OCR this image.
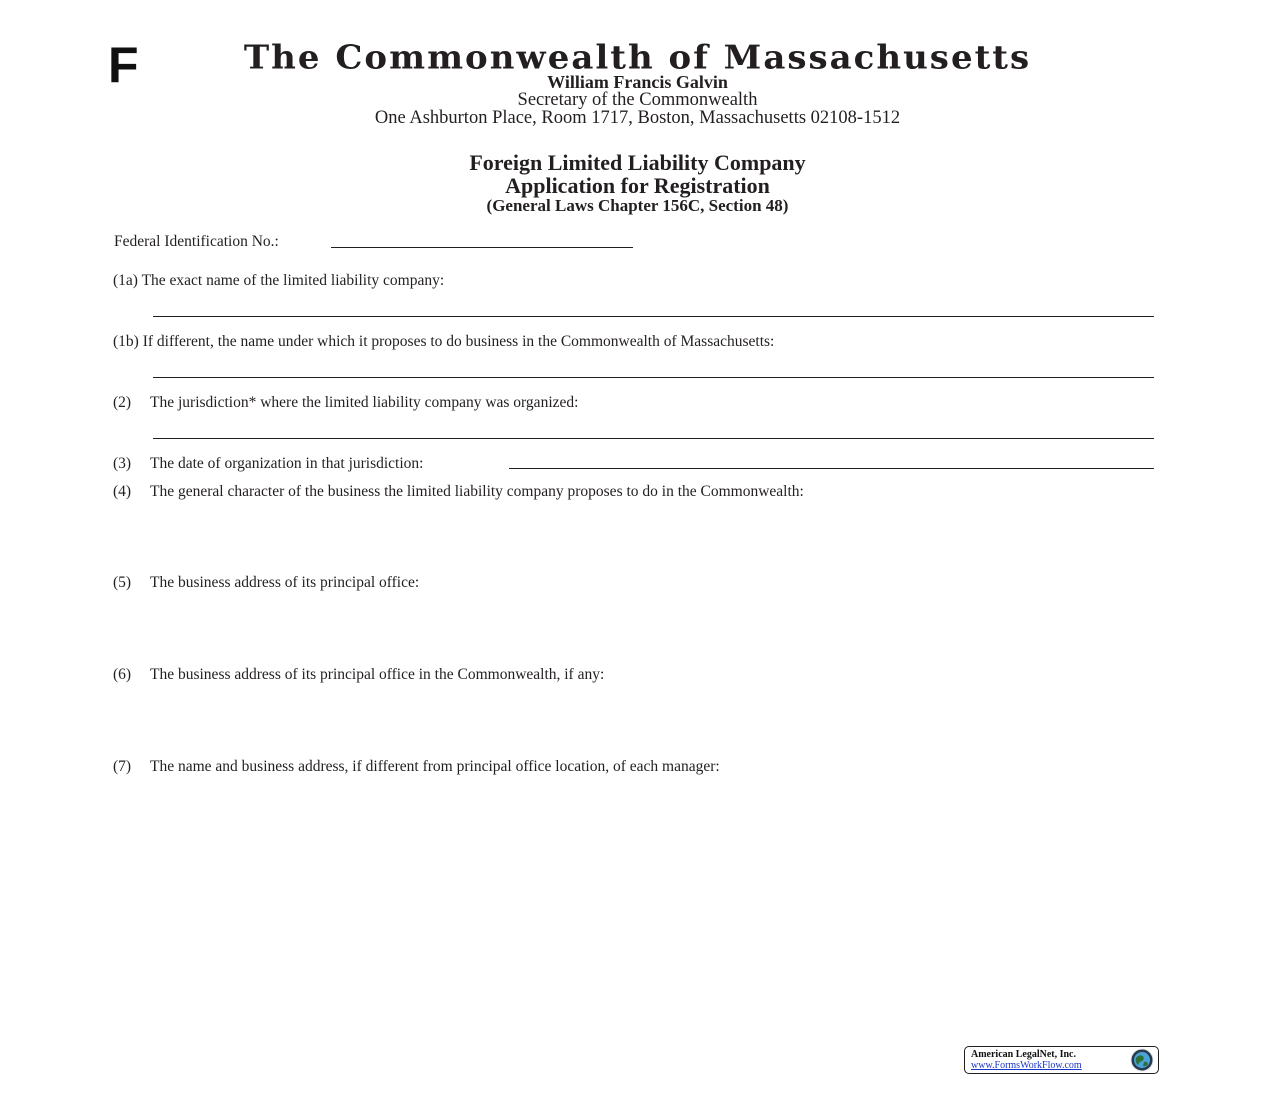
F	The Commonwealth of Massachusetts
William Francis Galvin
Secretary of the Commonwealth
One Ashburton Place, Room 1717, Boston, Massachusetts 02108-1512
Foreign Limited Liability Company
Application for Registration
(General Laws Chapter 156C, Section 48)
Federal Identification No.:
(1a) The exact name of the limited liability company:
(1b) If different, the name under which it proposes to do business in the Commonwealth of Massachusetts:
(2) The jurisdiction* where the limited liability company was organized:
(3) The date of organization in that jurisdiction:
(4) The general character of the business the limited liability company proposes to do in the Commonwealth:
(5) The business address of its principal office:
(6) The business address of its principal office in the Commonwealth, if any:
(7) The name and business address, if different from principal office location, of each manager:
American LegalNet, Inc.
www.FormsWorkFlow.com
